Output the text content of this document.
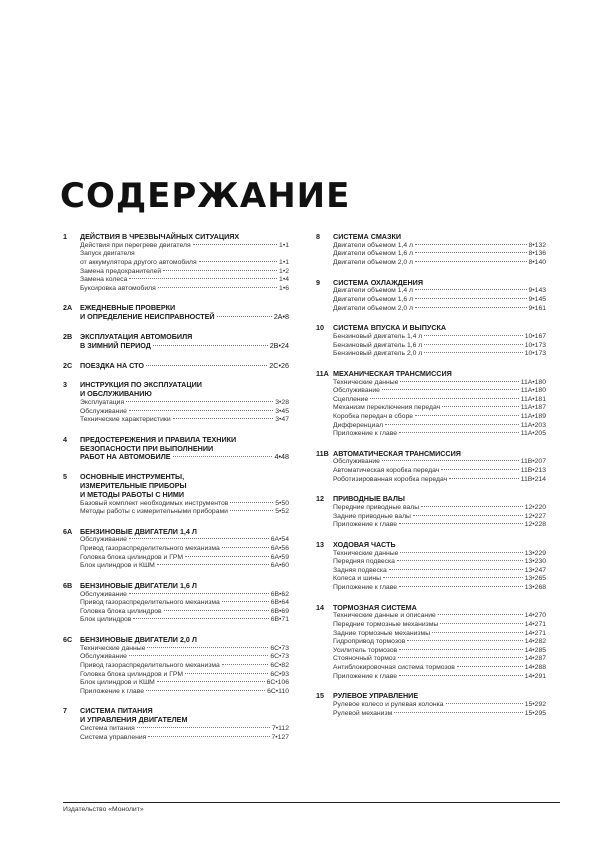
СОДЕРЖАНИЕ
1	ДЕЙСТВИЯ В ЧРЕЗВЫЧАЙНЫХ СИТУАЦИЯХ
Действия при перегреве двигателя	1•1
Запуск двигателя
от аккумулятора другого автомобиля	1•1
Замена предохранителей	1•2
Замена колеса	1•4
Буксировка автомобиля	1•6
2A	ЕЖЕДНЕВНЫЕ ПРОВЕРКИ
И ОПРЕДЕЛЕНИЕ НЕИСПРАВНОСТЕЙ	2A•8
2B	ЭКСПЛУАТАЦИЯ АВТОМОБИЛЯ
В ЗИМНИЙ ПЕРИОД	2B•24
2C	ПОЕЗДКА НА СТО	2C•26
3	ИНСТРУКЦИЯ ПО ЭКСПЛУАТАЦИИ
И ОБСЛУЖИВАНИЮ
Эксплуатация	3•28
Обслуживание	3•45
Технические характеристики	3•47
4	ПРЕДОСТЕРЕЖЕНИЯ И ПРАВИЛА ТЕХНИКИ
БЕЗОПАСНОСТИ ПРИ ВЫПОЛНЕНИИ
РАБОТ НА АВТОМОБИЛЕ	4•48
5	ОСНОВНЫЕ ИНСТРУМЕНТЫ,
ИЗМЕРИТЕЛЬНЫЕ ПРИБОРЫ
И МЕТОДЫ РАБОТЫ С НИМИ
Базовый комплект необходимых инструментов	5•50
Методы работы с измерительными приборами	5•52
6A	БЕНЗИНОВЫЕ ДВИГАТЕЛИ 1,4 Л
Обслуживание	6A•54
Привод газораспределительного механизма	6A•56
Головка блока цилиндров и ГРМ	6A•59
Блок цилиндров и КШМ	6A•60
6B	БЕНЗИНОВЫЕ ДВИГАТЕЛИ 1,6 Л
Обслуживание	6B•62
Привод газораспределительного механизма	6B•64
Головка блока цилиндров	6B•69
Блок цилиндров	6B•71
6C	БЕНЗИНОВЫЕ ДВИГАТЕЛИ 2,0 Л
Технические данные	6C•73
Обслуживание	6C•73
Привод газораспределительного механизма	6C•82
Головка блока цилиндров и ГРМ	6C•93
Блок цилиндров и КШМ	6C•106
Приложение к главе	6C•110
7	СИСТЕМА ПИТАНИЯ
И УПРАВЛЕНИЯ ДВИГАТЕЛЕМ
Система питания	7•112
Система управления	7•127
8	СИСТЕМА СМАЗКИ
Двигатели объемом 1,4 л	8•132
Двигатели объемом 1,6 л	8•136
Двигатели объемом 2,0 л	8•140
9	СИСТЕМА ОХЛАЖДЕНИЯ
Двигатели объемом 1,4 л	9•143
Двигатели объемом 1,6 л	9•145
Двигатели объемом 2,0 л	9•161
10	СИСТЕМА ВПУСКА И ВЫПУСКА
Бензиновый двигатель 1,4 л	10•167
Бензиновый двигатель 1,6 л	10•173
Бензиновый двигатель 2,0 л	10•173
11A МЕХАНИЧЕСКАЯ ТРАНСМИССИЯ
Технические данные	11A•180
Обслуживание	11A•180
Сцепление	11A•181
Механизм переключения передач	11A•187
Коробка передач в сборе	11A•189
Дифференциал	11A•203
Приложение к главе	11A•205
11B АВТОМАТИЧЕСКАЯ ТРАНСМИССИЯ
Обслуживание	11B•207
Автоматическая коробка передач	11B•213
Роботизированная коробка передач	11B•214
12	ПРИВОДНЫЕ ВАЛЫ
Передние приводные валы	12•220
Задние приводные валы	12•227
Приложение к главе	12•228
13	ХОДОВАЯ ЧАСТЬ
Технические данные	13•229
Передняя подвеска	13•230
Задняя подвеска	13•247
Колеса и шины	13•265
Приложение к главе	13•268
14	ТОРМОЗНАЯ СИСТЕМА
Технические данные и описание	14•270
Передние тормозные механизмы	14•271
Задние тормозные механизмы	14•271
Гидропривод тормозов	14•282
Усилитель тормозов	14•285
Стояночный тормоз	14•287
Антиблокировочная система тормозов	14•288
Приложение к главе	14•291
15	РУЛЕВОЕ УПРАВЛЕНИЕ
Рулевое колесо и рулевая колонка	15•292
Рулевой механизм	15•295
Издательство «Монолит»
